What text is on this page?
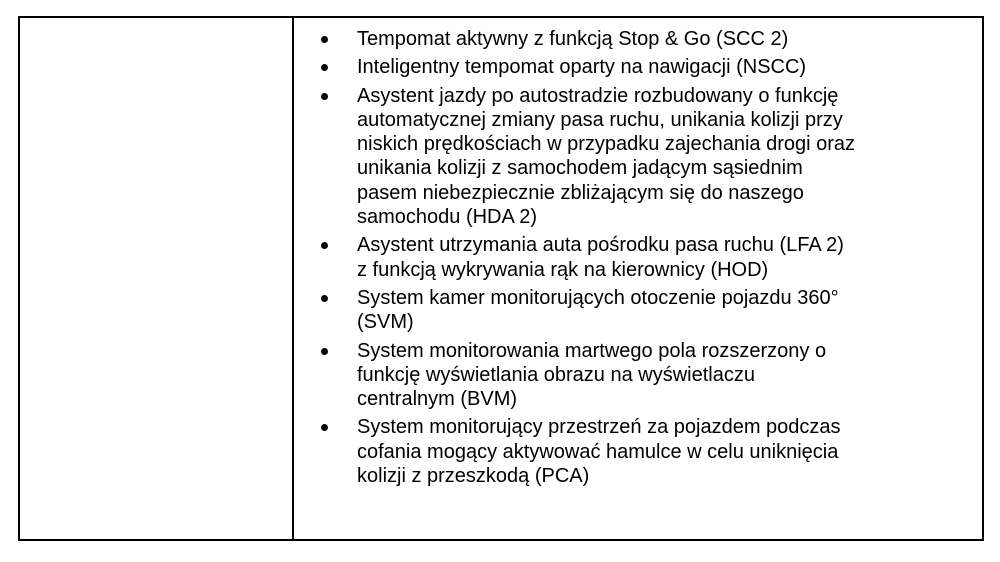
Tempomat aktywny z funkcją Stop & Go (SCC 2)
Inteligentny tempomat oparty na nawigacji (NSCC)
Asystent jazdy po autostradzie rozbudowany o funkcję
automatycznej zmiany pasa ruchu, unikania kolizji przy
niskich prędkościach w przypadku zajechania drogi oraz
unikania kolizji z samochodem jadącym sąsiednim
pasem niebezpiecznie zbliżającym się do naszego
samochodu (HDA 2)
Asystent utrzymania auta pośrodku pasa ruchu (LFA 2)
z funkcją wykrywania rąk na kierownicy (HOD)
System kamer monitorujących otoczenie pojazdu 360°
(SVM)
System monitorowania martwego pola rozszerzony o
funkcję wyświetlania obrazu na wyświetlaczu
centralnym (BVM)
System monitorujący przestrzeń za pojazdem podczas
cofania mogący aktywować hamulce w celu uniknięcia
kolizji z przeszkodą (PCA)
